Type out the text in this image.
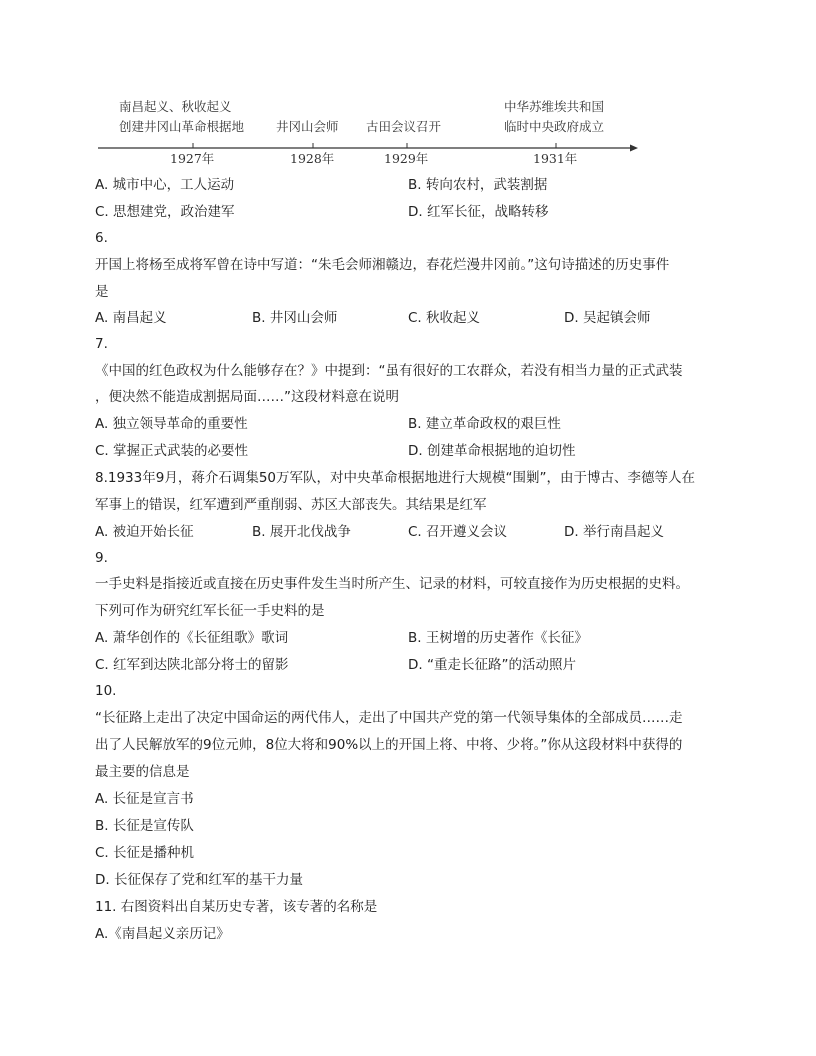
南昌起义、秋收起义
创建井冈山革命根据地	井冈山会师 古田会议召开
中华苏维埃共和国
临时中央政府成立
1927年	1928年	1929年	1931年
A. 城市中心，工人运动	B. 转向农村，武装割据
C. 思想建党，政治建军	D. 红军长征，战略转移
6.
开国上将杨至成将军曾在诗中写道：“朱毛会师湘赣边，春花烂漫井冈前。”这句诗描述的历史事件
是
A. 南昌起义	B. 井冈山会师	C. 秋收起义	D. 吴起镇会师
7.
《中国的红色政权为什么能够存在？》中提到：“虽有很好的工农群众，若没有相当力量的正式武装
，便决然不能造成割据局面……”这段材料意在说明
A. 独立领导革命的重要性	B. 建立革命政权的艰巨性
C. 掌握正式武装的必要性	D. 创建革命根据地的迫切性
8.1933年9月，蒋介石调集50万军队，对中央革命根据地进行大规模“围剿”，由于博古、李德等人在
军事上的错误，红军遭到严重削弱、苏区大部丧失。其结果是红军
A. 被迫开始长征	B. 展开北伐战争	C. 召开遵义会议	D. 举行南昌起义
9.
一手史料是指接近或直接在历史事件发生当时所产生、记录的材料，可较直接作为历史根据的史料。
下列可作为研究红军长征一手史料的是
A. 萧华创作的《长征组歌》歌词	B. 王树增的历史著作《长征》
C. 红军到达陕北部分将士的留影	D. “重走长征路”的活动照片
10.
“长征路上走出了决定中国命运的两代伟人，走出了中国共产党的第一代领导集体的全部成员……走
出了人民解放军的9位元帅，8位大将和90%以上的开国上将、中将、少将。”你从这段材料中获得的
最主要的信息是
A. 长征是宣言书
B. 长征是宣传队
C. 长征是播种机
D. 长征保存了党和红军的基干力量
11. 右图资料出自某历史专著，该专著的名称是
A.《南昌起义亲历记》
